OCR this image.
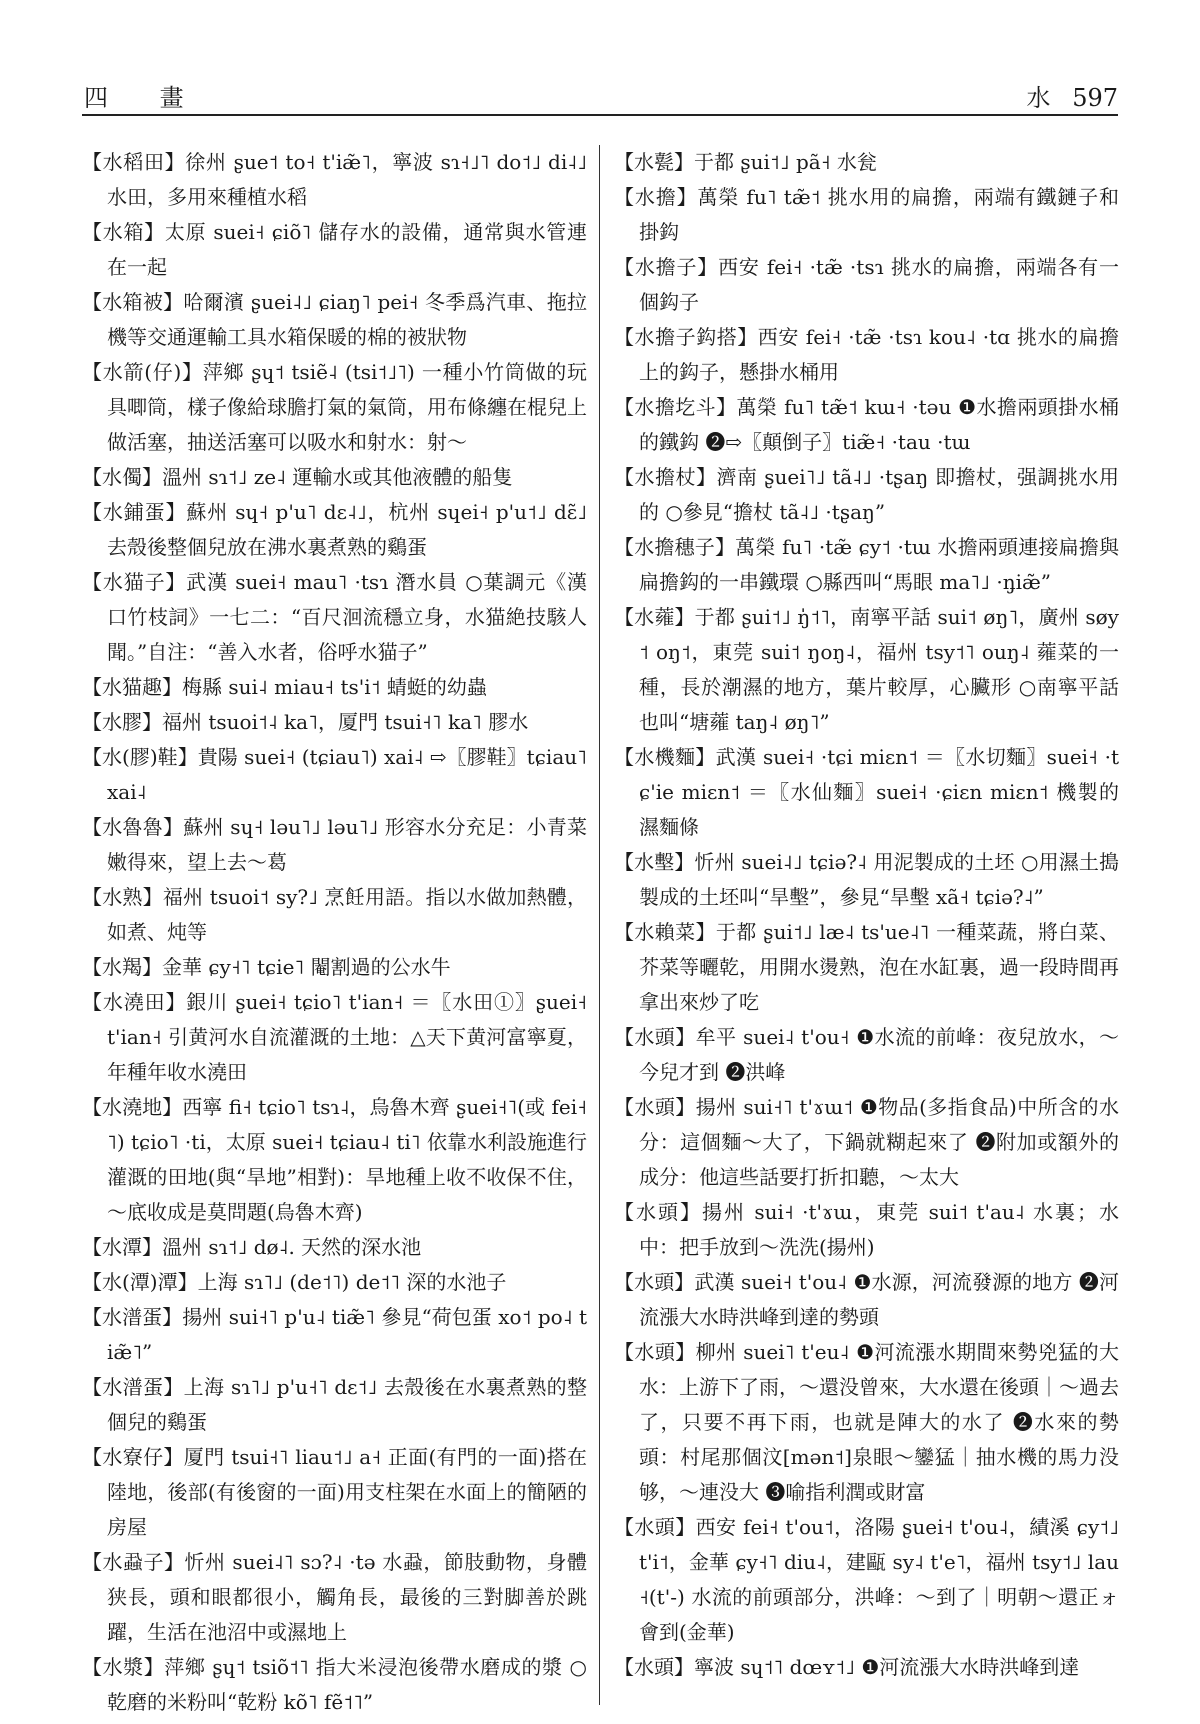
四 畫	水 597

【水稻田】徐州 ʂue˦ to˧ t'iæ̃˥，寧波 sɿ˧˩˥ do˦˩ di˨˩ 水田，多用來種植水稻

【水箱】太原 suei˧ ɕiõ˥ 儲存水的設備，通常與水管連在一起

【水箱被】哈爾濱 ʂuei˨˩ ɕiaŋ˥ pei˧ 冬季爲汽車、拖拉機等交通運輸工具水箱保暖的棉的被狀物

【水箭(仔)】萍鄉 ʂɥ˦ tsiẽ˨ (tsi˦˩˥) 一種小竹筒做的玩具唧筒，樣子像給球膽打氣的氣筒，用布條纏在棍兒上做活塞，抽送活塞可以吸水和射水：射～

【水㒔】溫州 sɿ˦˩ ze˨ 運輸水或其他液體的船隻

【水鋪蛋】蘇州 sɥ˧ p'u˥ dɛ˨˩，杭州 sɥei˧ p'u˦˩ dɛ̃˩ 去殼後整個兒放在沸水裏煮熟的鷄蛋

【水猫子】武漢 suei˧ mau˥ ·tsɿ 潛水員 ○葉調元《漢口竹枝詞》一七二：“百尺洄流穩立身，水猫絶技駭人聞。”自注：“善入水者，俗呼水猫子”

【水猫趣】梅縣 sui˨ miau˧ ts'i˦ 蜻蜓的幼蟲

【水膠】福州 tsuoi˦˨ ka˥，厦門 tsui˧˥ ka˥ 膠水

【水(膠)鞋】貴陽 suei˧ (tɕiau˥) xai˨ ⇨〖膠鞋〗tɕiau˥ xai˨

【水魯魯】蘇州 sɥ˧ ləu˥˩ ləu˥˩ 形容水分充足：小青菜嫩得來，望上去～葛

【水熟】福州 tsuoi˦ sy?˩ 烹飪用語。指以水做加熱體，如煮、炖等

【水羯】金華 ɕy˧˥ tɕie˥ 閹割過的公水牛

【水澆田】銀川 ʂuei˧ tɕio˥ t'ian˧ ＝〖水田①〗ʂuei˧ t'ian˧ 引黄河水自流灌溉的土地：△天下黄河富寧夏，年種年收水澆田

【水澆地】西寧 fi˧ tɕio˥ tsɿ˨，烏魯木齊 ʂuei˧˥(或 fei˧˥) tɕio˥ ·ti，太原 suei˧ tɕiau˨ ti˥ 依靠水利設施進行灌溉的田地(與“旱地”相對)：旱地種上收不收保不住，～底收成是莫問題(烏魯木齊)

【水潭】溫州 sɿ˦˩ dø˨. 天然的深水池

【水(潭)潭】上海 sɿ˥˩ (de˦˥) de˦˥ 深的水池子

【水潽蛋】揚州 sui˧˥ p'u˨ tiæ̃˥ 參見“荷包蛋 xo˦ po˨ tiæ̃˥”

【水潽蛋】上海 sɿ˥˩ p'u˧˥ dɛ˦˩ 去殼後在水裏煮熟的整個兒的鷄蛋

【水寮仔】厦門 tsui˧˥ liau˦˩ a˧ 正面(有門的一面)搭在陸地，後部(有後窗的一面)用支柱架在水面上的簡陋的房屋

【水蝨子】忻州 suei˨˥ sɔ?˨ ·tə 水蝨，節肢動物，身體狭長，頭和眼都很小，觸角長，最後的三對脚善於跳躍，生活在池沼中或濕地上

【水漿】萍鄉 ʂɥ˦ tsiõ˦˥ 指大米浸泡後帶水磨成的漿 ○乾磨的米粉叫“乾粉 kõ˥ fẽ˦˥”

【水甏】于都 ʂui˦˩ pã˧ 水瓮

【水擔】萬榮 fu˥ tæ̃˦ 挑水用的扁擔，兩端有鐵鏈子和掛鈎

【水擔子】西安 fei˧ ·tæ̃ ·tsɿ 挑水的扁擔，兩端各有一個鈎子

【水擔子鈎搭】西安 fei˧ ·tæ̃ ·tsɿ kou˨ ·tɑ 挑水的扁擔上的鈎子，懸掛水桶用

【水擔圪斗】萬榮 fu˥ tæ̃˦ kɯ˧ ·təu ❶水擔兩頭掛水桶的鐵鈎 ❷⇨〖顛倒子〗tiæ̃˧ ·tau ·tɯ

【水擔杖】濟南 ʂuei˥˩ tã˨˩ ·tʂaŋ 即擔杖，强調挑水用的 ○參見“擔杖 tã˨˩ ·tʂaŋ”

【水擔穗子】萬榮 fu˥ ·tæ̃ ɕy˦ ·tɯ 水擔兩頭連接扁擔與扁擔鈎的一串鐵環 ○縣西叫“馬眼 ma˥˩ ·n̡iæ̃”

【水蕹】于都 ʂui˦˩ ŋ̍˦˥，南寧平話 sui˦ øŋ˥，廣州 søy˦ oŋ˦，東莞 sui˦ ŋoŋ˨，福州 tsy˦˥ ouŋ˨ 蕹菜的一種，長於潮濕的地方，葉片較厚，心臟形 ○南寧平話也叫“塘蕹 taŋ˨ øŋ˥”

【水機麵】武漢 suei˧ ·tɕi miɛn˦ ＝〖水切麵〗suei˧ ·tɕ'ie miɛn˦ ＝〖水仙麵〗suei˧ ·ɕiɛn miɛn˦ 機製的濕麵條

【水墼】忻州 suei˨˩ tɕiə?˨ 用泥製成的土坯 ○用濕土搗製成的土坯叫“旱墼”，參見“旱墼 xã˧ tɕiə?˨”

【水賴菜】于都 ʂui˦˩ læ˨ ts'ue˨˥ 一種菜蔬，將白菜、芥菜等曬乾，用開水燙熟，泡在水缸裏，過一段時間再拿出來炒了吃

【水頭】牟平 suei˨ t'ou˧ ❶水流的前峰：夜兒放水，～今兒才到 ❷洪峰

【水頭】揚州 sui˧˥ t'ɤɯ˦ ❶物品(多指食品)中所含的水分：這個麵～大了，下鍋就糊起來了 ❷附加或額外的成分：他這些話要打折扣聽，～太大

【水頭】揚州 sui˧ ·t'ɤɯ，東莞 sui˦ t'au˨ 水裏；水中：把手放到～洗洗(揚州)

【水頭】武漢 suei˧ t'ou˨ ❶水源，河流發源的地方 ❷河流漲大水時洪峰到達的勢頭

【水頭】柳州 suei˥ t'eu˨ ❶河流漲水期間來勢兇猛的大水：上游下了雨，～還没曾來，大水還在後頭｜～過去了，只要不再下雨，也就是陣大的水了 ❷水來的勢頭：村尾那個汶[mən˦]泉眼～鑾猛｜抽水機的馬力没够，～連没大 ❸喻指利潤或財富

【水頭】西安 fei˧ t'ou˦，洛陽 ʂuei˧ t'ou˨，績溪 ɕy˦˩ t'i˦，金華 ɕy˧˥ diu˨，建甌 sy˨ t'e˥，福州 tsy˦˩ lau˧(t'-) 水流的前頭部分，洪峰：～到了｜明朝～還正ォ會到(金華)

【水頭】寧波 sɥ˦˥ dœʏ˦˩ ❶河流漲大水時洪峰到達
